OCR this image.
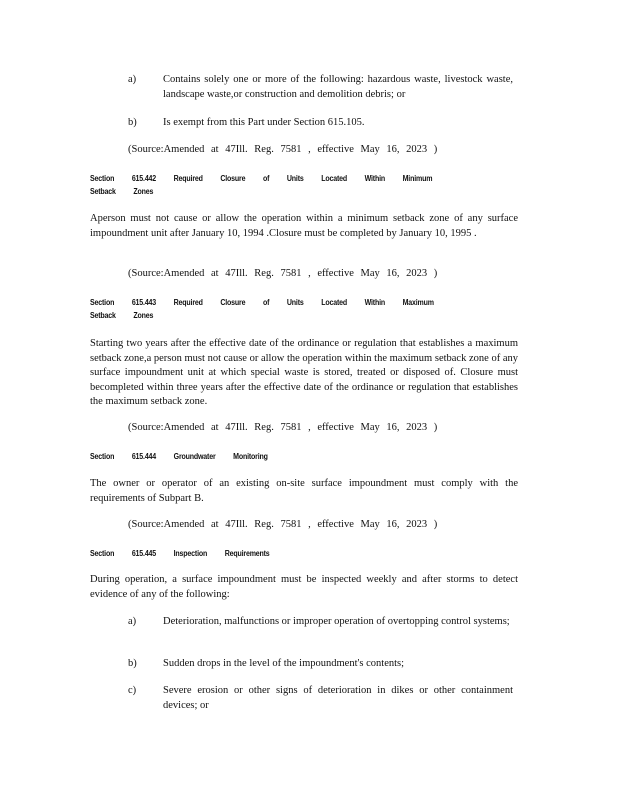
a)	Contains solely one or more of the following: hazardous waste, livestock waste, landscape waste,or construction and demolition debris; or
b)	Is exempt from this Part under Section 615.105.
(Source:Amended at 47Ill. Reg. 7581 , effective May 16, 2023 )
Section 615.442 Required Closure of Units Located Within Minimum Setback Zones
Aperson must not cause or allow the operation within a minimum setback zone of any surface impoundment unit after January 10, 1994 .Closure must be completed by January 10, 1995 .
(Source:Amended at 47Ill. Reg. 7581 , effective May 16, 2023 )
Section 615.443 Required Closure of Units Located Within Maximum Setback Zones
Starting two years after the effective date of the ordinance or regulation that establishes a maximum setback zone,a person must not cause or allow the operation within the maximum setback zone of any surface impoundment unit at which special waste is stored, treated or disposed of. Closure must becompleted within three years after the effective date of the ordinance or regulation that establishes the maximum setback zone.
(Source:Amended at 47Ill. Reg. 7581 , effective May 16, 2023 )
Section 615.444 Groundwater Monitoring
The owner or operator of an existing on-site surface impoundment must comply with the requirements of Subpart B.
(Source:Amended at 47Ill. Reg. 7581 , effective May 16, 2023 )
Section 615.445 Inspection Requirements
During operation, a surface impoundment must be inspected weekly and after storms to detect evidence of any of the following:
a)	Deterioration, malfunctions or improper operation of overtopping control systems;
b)	Sudden drops in the level of the impoundment's contents;
c)	Severe erosion or other signs of deterioration in dikes or other containment devices; or
